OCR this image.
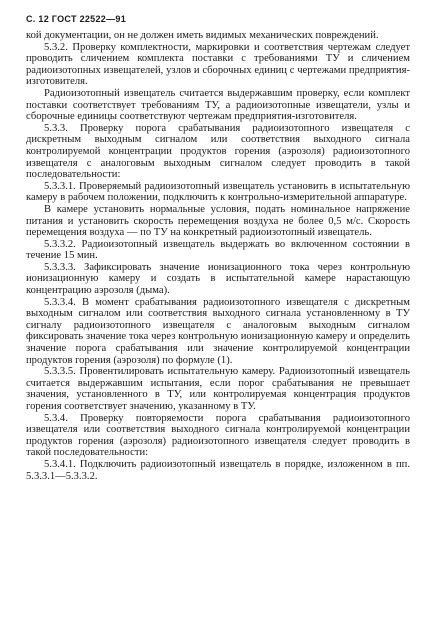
С. 12 ГОСТ 22522—91

кой документации, он не должен иметь видимых механических повреждений.

5.3.2. Проверку комплектности, маркировки и соответствия чертежам следует проводить сличением комплекта поставки с требованиями ТУ и сличением радиоизотопных извещателей, узлов и сборочных единиц с чертежами предприятия-изготовителя.

Радиоизотопный извещатель считается выдержавшим проверку, если комплект поставки соответствует требованиям ТУ, а радиоизотопные извещатели, узлы и сборочные единицы соответствуют чертежам предприятия-изготовителя.

5.3.3. Проверку порога срабатывания радиоизотопного извещателя с дискретным выходным сигналом или соответствия выходного сигнала контролируемой концентрации продуктов горения (аэрозоля) радиоизотопного извещателя с аналоговым выходным сигналом следует проводить в такой последовательности:

5.3.3.1. Проверяемый радиоизотопный извещатель установить в испытательную камеру в рабочем положении, подключить к контрольно-измерительной аппаратуре.

В камере установить нормальные условия, подать номинальное напряжение питания и установить скорость перемещения воздуха не более 0,5 м/с. Скорость перемещения воздуха — по ТУ на конкретный радиоизотопный извещатель.

5.3.3.2. Радиоизотопный извещатель выдержать во включенном состоянии в течение 15 мин.

5.3.3.3. Зафиксировать значение ионизационного тока через контрольную ионизационную камеру и создать в испытательной камере нарастающую концентрацию аэрозоля (дыма).

5.3.3.4. В момент срабатывания радиоизотопного извещателя с дискретным выходным сигналом или соответствия выходного сигнала установленному в ТУ сигналу радиоизотопного извещателя с аналоговым выходным сигналом фиксировать значение тока через контрольную ионизационную камеру и определить значение порога срабатывания или значение контролируемой концентрации продуктов горения (аэрозоля) по формуле (1).

5.3.3.5. Провентилировать испытательную камеру. Радиоизотопный извещатель считается выдержавшим испытания, если порог срабатывания не превышает значения, установленного в ТУ, или контролируемая концентрация продуктов горения соответствует значению, указанному в ТУ.

5.3.4. Проверку повторяемости порога срабатывания радиоизотопного извещателя или соответствия выходного сигнала контролируемой концентрации продуктов горения (аэрозоля) радиоизотопного извещателя следует проводить в такой последовательности:

5.3.4.1. Подключить радиоизотопный извещатель в порядке, изложенном в пп. 5.3.3.1—5.3.3.2.
